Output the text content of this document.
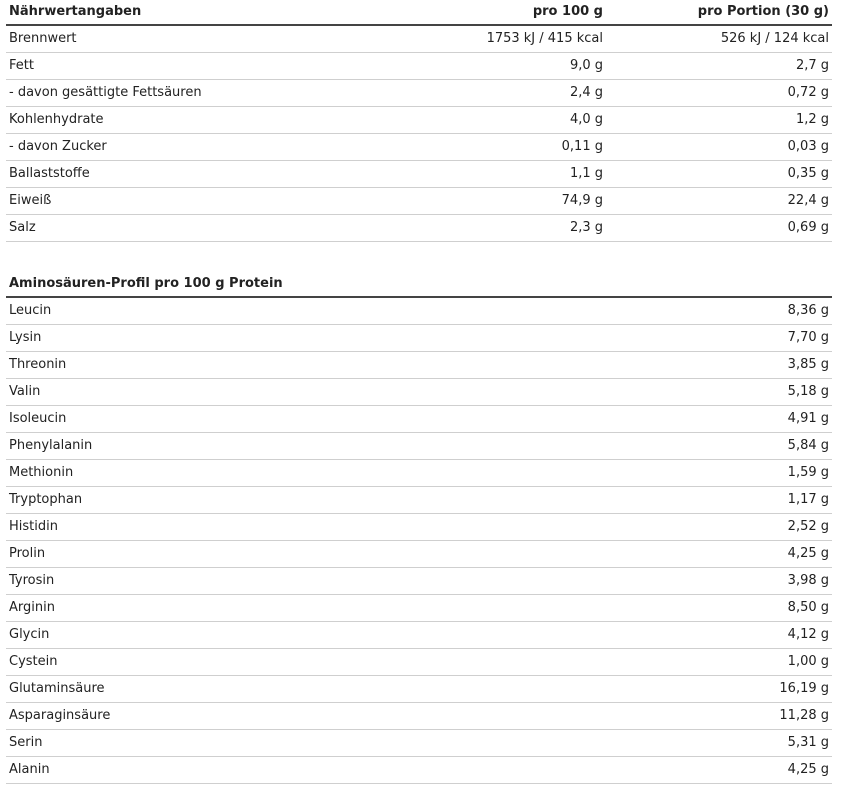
Nährwertangaben	pro 100 g	pro Portion (30 g)
Brennwert	1753 kJ / 415 kcal	526 kJ / 124 kcal
Fett	9,0 g	2,7 g
- davon gesättigte Fettsäuren	2,4 g	0,72 g
Kohlenhydrate	4,0 g	1,2 g
- davon Zucker	0,11 g	0,03 g
Ballaststoffe	1,1 g	0,35 g
Eiweiß	74,9 g	22,4 g
Salz	2,3 g	0,69 g
Aminosäuren-Profil pro 100 g Protein		
Leucin		8,36 g
Lysin		7,70 g
Threonin		3,85 g
Valin		5,18 g
Isoleucin		4,91 g
Phenylalanin		5,84 g
Methionin		1,59 g
Tryptophan		1,17 g
Histidin		2,52 g
Prolin		4,25 g
Tyrosin		3,98 g
Arginin		8,50 g
Glycin		4,12 g
Cystein		1,00 g
Glutaminsäure		16,19 g
Asparaginsäure		11,28 g
Serin		5,31 g
Alanin		4,25 g
